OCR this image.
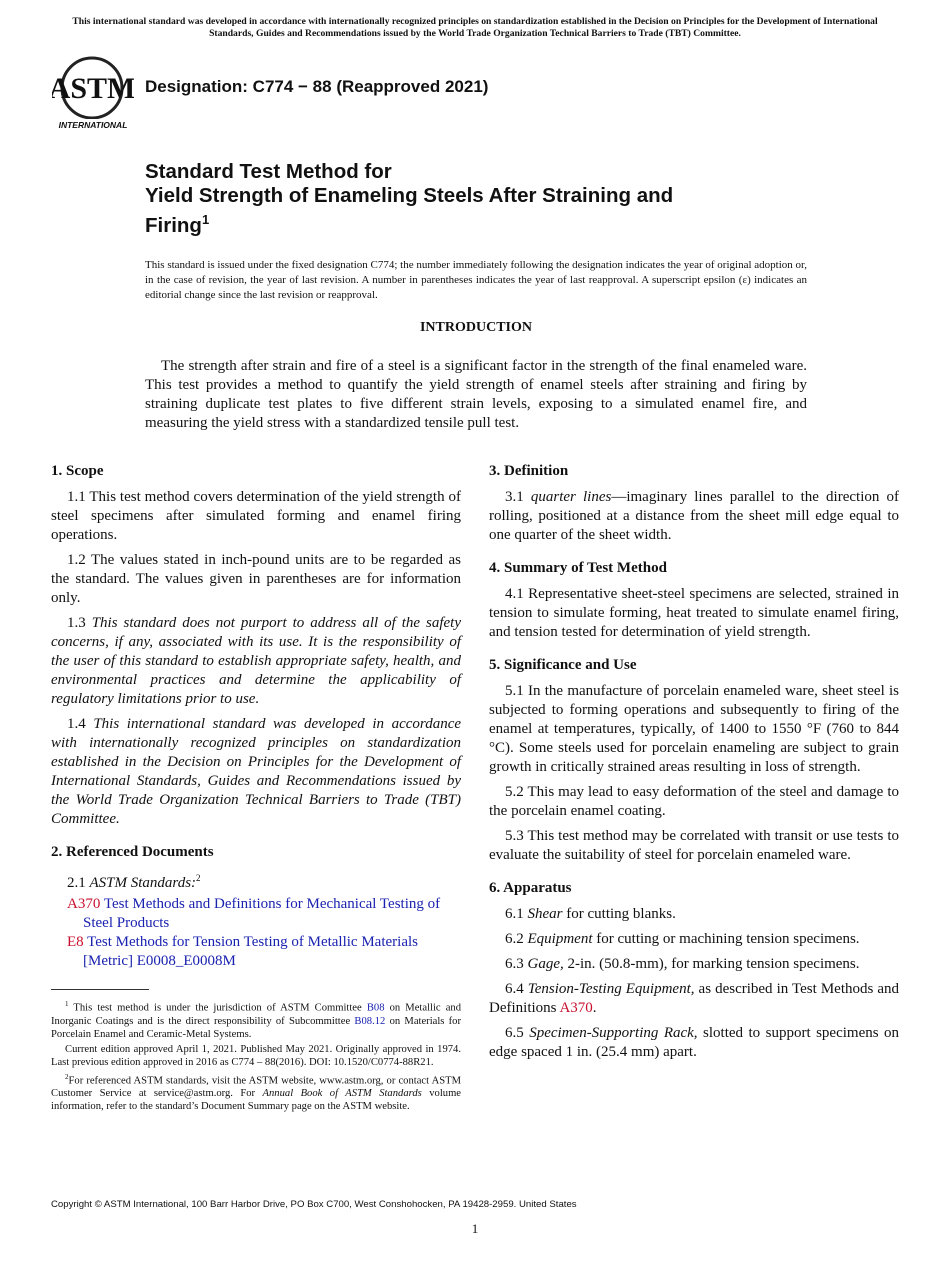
This international standard was developed in accordance with internationally recognized principles on standardization established in the Decision on Principles for the Development of International Standards, Guides and Recommendations issued by the World Trade Organization Technical Barriers to Trade (TBT) Committee.
ASTM
INTERNATIONAL
Designation: C774 − 88 (Reapproved 2021)
Standard Test Method for
Yield Strength of Enameling Steels After Straining and
Firing$^1$
This standard is issued under the fixed designation C774; the number immediately following the designation indicates the year of original adoption or, in the case of revision, the year of last revision. A number in parentheses indicates the year of last reapproval. A superscript epsilon (ε) indicates an editorial change since the last revision or reapproval.
INTRODUCTION

The strength after strain and fire of a steel is a significant factor in the strength of the final enameled ware. This test provides a method to quantify the yield strength of enamel steels after straining and firing by straining duplicate test plates to five different strain levels, exposing to a simulated enamel fire, and measuring the yield stress with a standardized tensile pull test.

1. Scope

1.1 This test method covers determination of the yield strength of steel specimens after simulated forming and enamel firing operations.

1.2 The values stated in inch-pound units are to be regarded as the standard. The values given in parentheses are for information only.

1.3 This standard does not purport to address all of the safety concerns, if any, associated with its use. It is the responsibility of the user of this standard to establish appropriate safety, health, and environmental practices and determine the applicability of regulatory limitations prior to use.

1.4 This international standard was developed in accordance with internationally recognized principles on standardization established in the Decision on Principles for the Development of International Standards, Guides and Recommendations issued by the World Trade Organization Technical Barriers to Trade (TBT) Committee.

2. Referenced Documents

2.1 ASTM Standards:$^2$

A370 Test Methods and Definitions for Mechanical Testing of Steel Products

E8 Test Methods for Tension Testing of Metallic Materials [Metric] E0008_E0008M

$^1$ This test method is under the jurisdiction of ASTM Committee B08 on Metallic and Inorganic Coatings and is the direct responsibility of Subcommittee B08.12 on Materials for Porcelain Enamel and Ceramic-Metal Systems.

Current edition approved April 1, 2021. Published May 2021. Originally approved in 1974. Last previous edition approved in 2016 as C774 – 88(2016). DOI: 10.1520/C0774-88R21.

$^2$For referenced ASTM standards, visit the ASTM website, www.astm.org, or contact ASTM Customer Service at service@astm.org. For Annual Book of ASTM Standards volume information, refer to the standard’s Document Summary page on the ASTM website.

3. Definition

3.1 quarter lines—imaginary lines parallel to the direction of rolling, positioned at a distance from the sheet mill edge equal to one quarter of the sheet width.

4. Summary of Test Method

4.1 Representative sheet-steel specimens are selected, strained in tension to simulate forming, heat treated to simulate enamel firing, and tension tested for determination of yield strength.

5. Significance and Use

5.1 In the manufacture of porcelain enameled ware, sheet steel is subjected to forming operations and subsequently to firing of the enamel at temperatures, typically, of 1400 to 1550 °F (760 to 844 °C). Some steels used for porcelain enameling are subject to grain growth in critically strained areas resulting in loss of strength.

5.2 This may lead to easy deformation of the steel and damage to the porcelain enamel coating.

5.3 This test method may be correlated with transit or use tests to evaluate the suitability of steel for porcelain enameled ware.

6. Apparatus

6.1 Shear for cutting blanks.

6.2 Equipment for cutting or machining tension specimens.

6.3 Gage, 2-in. (50.8-mm), for marking tension specimens.

6.4 Tension-Testing Equipment, as described in Test Methods and Definitions A370.

6.5 Specimen-Supporting Rack, slotted to support specimens on edge spaced 1 in. (25.4 mm) apart.

Copyright © ASTM International, 100 Barr Harbor Drive, PO Box C700, West Conshohocken, PA 19428-2959. United States
1
